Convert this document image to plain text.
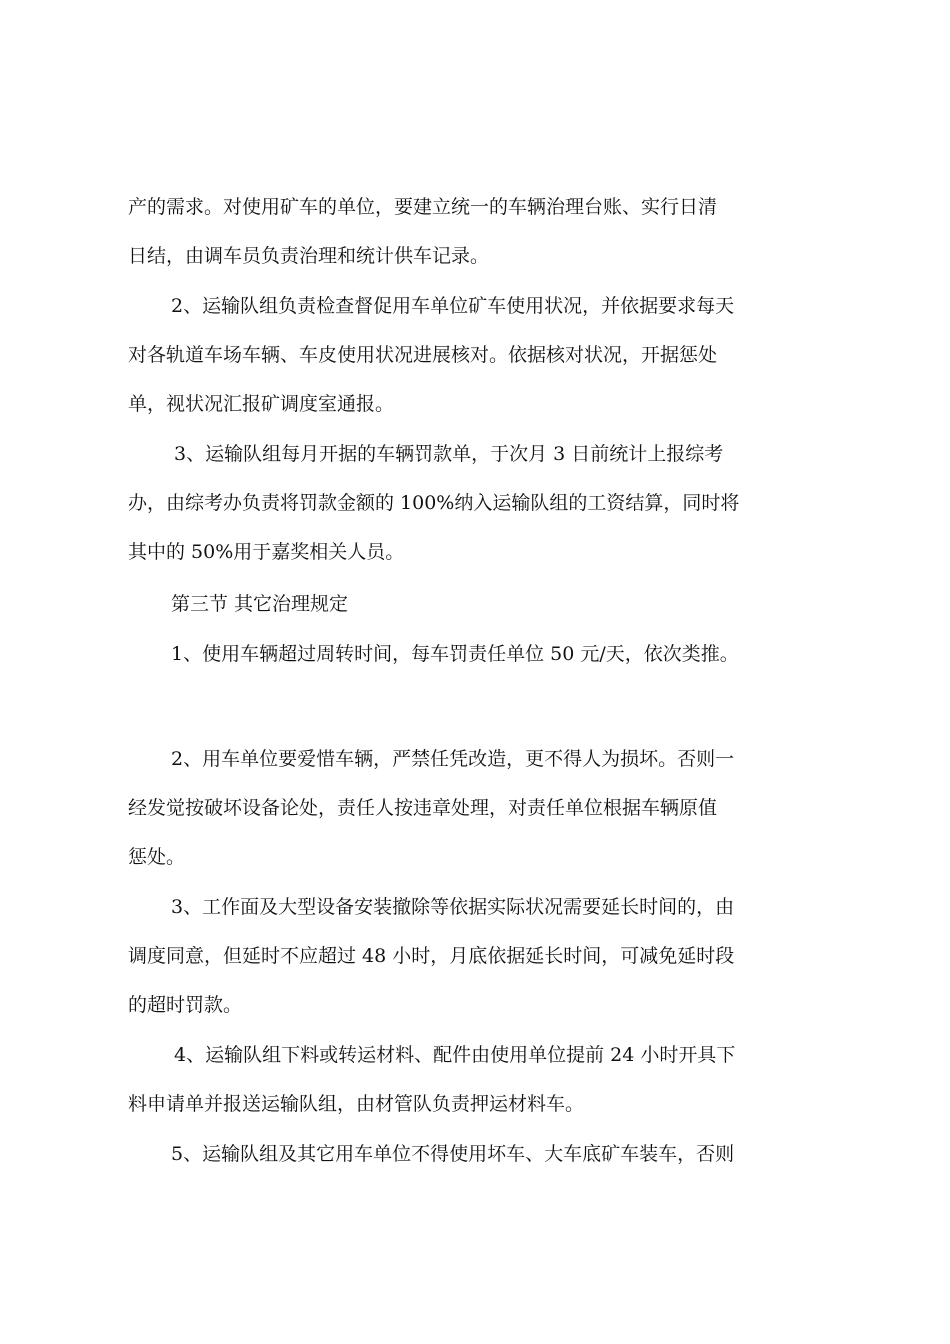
产的需求。对使用矿车的单位，要建立统一的车辆治理台账、实行日清
日结，由调车员负责治理和统计供车记录。

2、运输队组负责检查督促用车单位矿车使用状况，并依据要求每天
对各轨道车场车辆、车皮使用状况进展核对。依据核对状况，开据惩处
单，视状况汇报矿调度室通报。

3、运输队组每月开据的车辆罚款单，于次月 3 日前统计上报综考
办，由综考办负责将罚款金额的 100%纳入运输队组的工资结算，同时将
其中的 50%用于嘉奖相关人员。

第三节 其它治理规定

1、使用车辆超过周转时间，每车罚责任单位 50 元/天，依次类推。

2、用车单位要爱惜车辆，严禁任凭改造，更不得人为损坏。否则一
经发觉按破坏设备论处，责任人按违章处理，对责任单位根据车辆原值
惩处。

3、工作面及大型设备安装撤除等依据实际状况需要延长时间的，由
调度同意，但延时不应超过 48 小时，月底依据延长时间，可减免延时段
的超时罚款。

4、运输队组下料或转运材料、配件由使用单位提前 24 小时开具下
料申请单并报送运输队组，由材管队负责押运材料车。

5、运输队组及其它用车单位不得使用坏车、大车底矿车装车，否则
